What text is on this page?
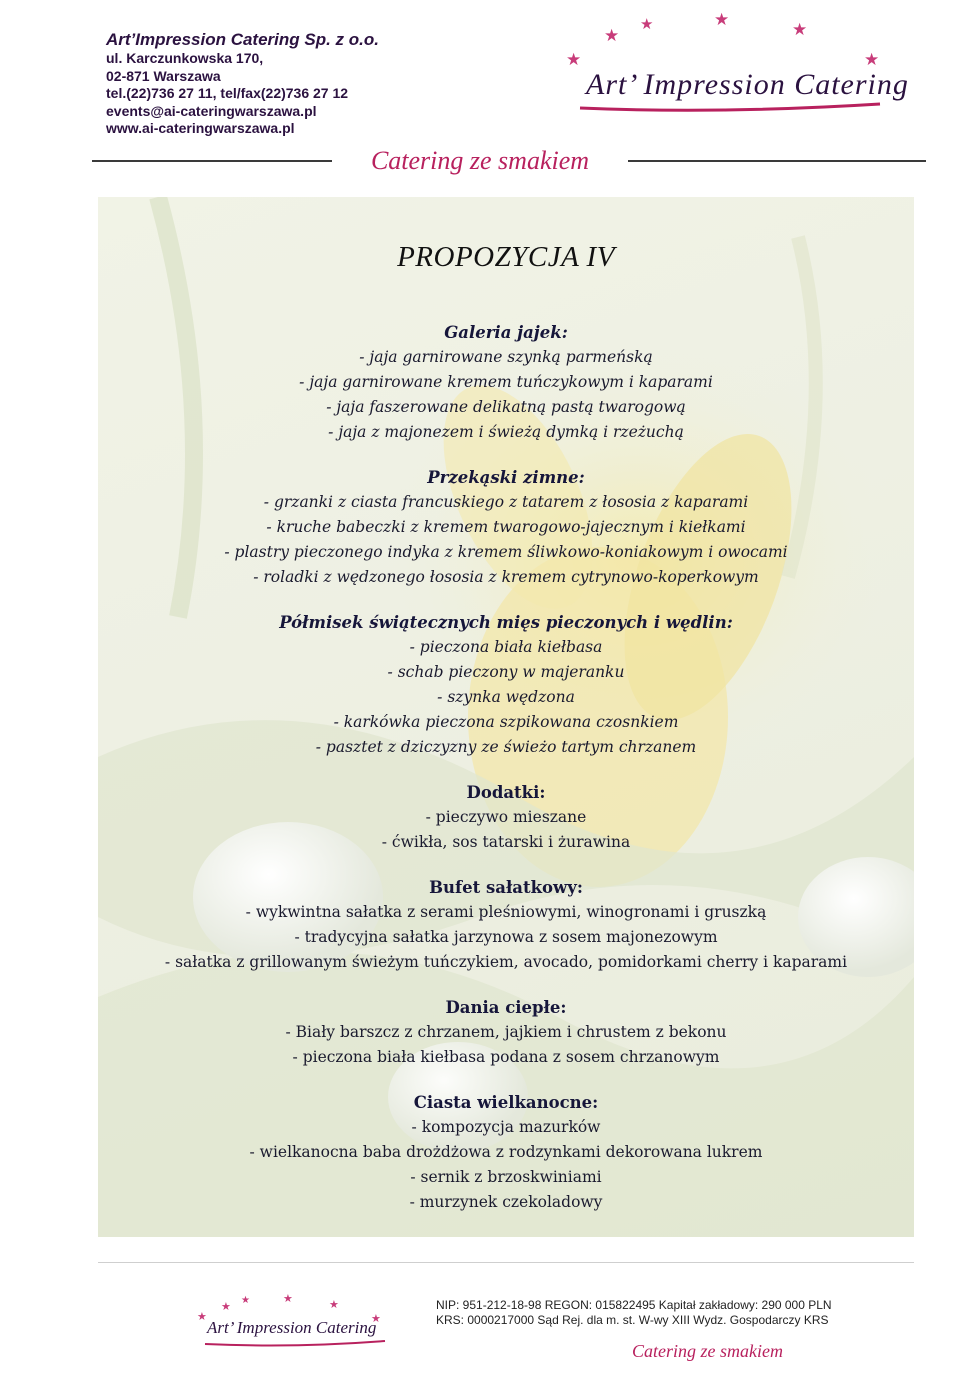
Art’Impression Catering Sp. z o.o.
ul. Karczunkowska 170,
02-871 Warszawa
tel.(22)736 27 11, tel/fax(22)736 27 12
events@ai-cateringwarszawa.pl
www.ai-cateringwarszawa.pl
★
★
★	★	★
★
Art’ Impression Catering
Catering ze smakiem
PROPOZYCJA IV
Galeria jajek:
- jaja garnirowane szynką parmeńską
- jaja garnirowane kremem tuńczykowym i kaparami
- jaja faszerowane delikatną pastą twarogową
- jaja z majonezem i świeżą dymką i rzeżuchą
Przekąski zimne:
- grzanki z ciasta francuskiego z tatarem z łososia z kaparami
- kruche babeczki z kremem twarogowo-jajecznym i kiełkami
- plastry pieczonego indyka z kremem śliwkowo-koniakowym i owocami
- roladki z wędzonego łososia z kremem cytrynowo-koperkowym
Półmisek świątecznych mięs pieczonych i wędlin:
- pieczona biała kiełbasa
- schab pieczony w majeranku
- szynka wędzona
- karkówka pieczona szpikowana czosnkiem
- pasztet z dziczyzny ze świeżo tartym chrzanem
Dodatki:
- pieczywo mieszane
- ćwikła, sos tatarski i żurawina
Bufet sałatkowy:
- wykwintna sałatka z serami pleśniowymi, winogronami i gruszką
- tradycyjna sałatka jarzynowa z sosem majonezowym
- sałatka z grillowanym świeżym tuńczykiem, avocado, pomidorkami cherry i kaparami
Dania ciepłe:
- Biały barszcz z chrzanem, jajkiem i chrustem z bekonu
- pieczona biała kiełbasa podana z sosem chrzanowym
Ciasta wielkanocne:
- kompozycja mazurków
- wielkanocna baba drożdżowa z rodzynkami dekorowana lukrem
- sernik z brzoskwiniami
- murzynek czekoladowy
★
★ ★	★	★
★
Art’ Impression Catering
NIP: 951-212-18-98 REGON: 015822495 Kapitał zakładowy: 290 000 PLN
KRS: 0000217000 Sąd Rej. dla m. st. W-wy XIII Wydz. Gospodarczy KRS
Catering ze smakiem
